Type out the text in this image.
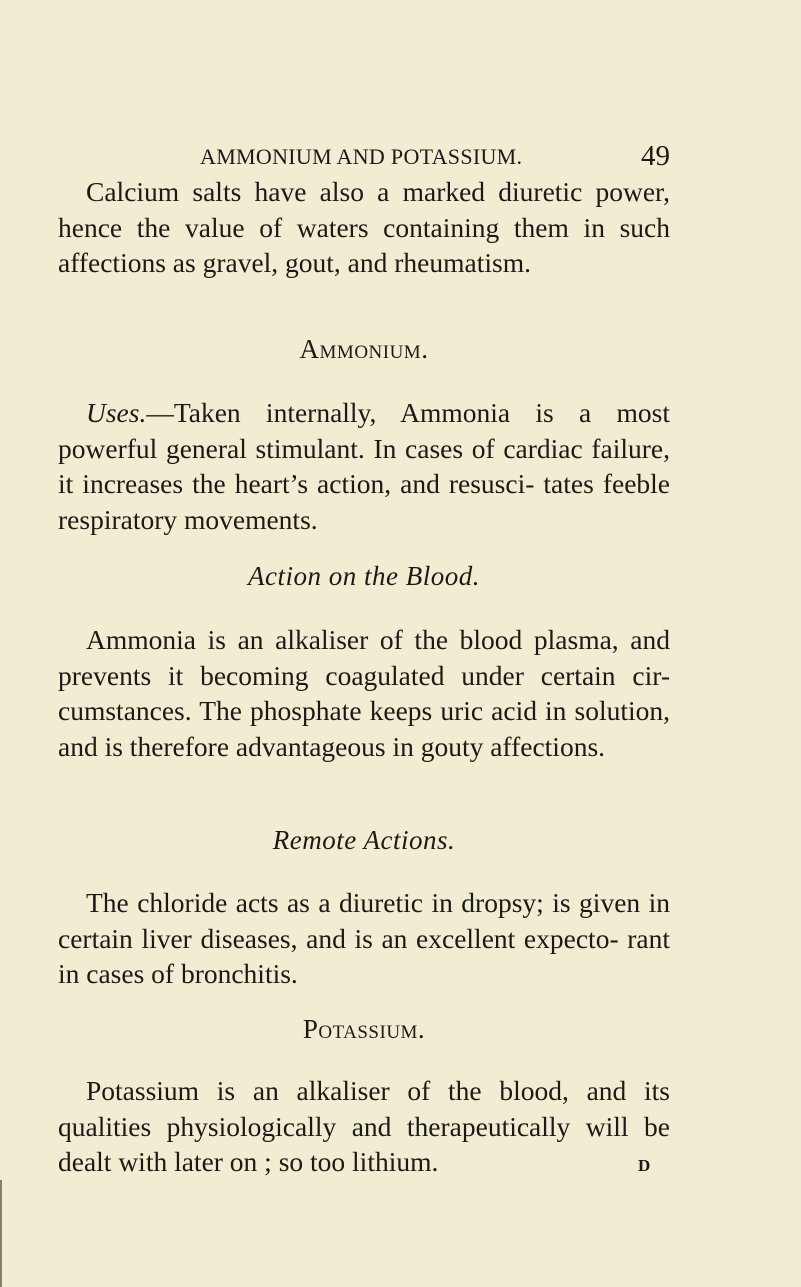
AMMONIUM AND POTASSIUM.	49

Calcium salts have also a marked diuretic power, hence the value of waters containing them in such affections as gravel, gout, and rheumatism.

Ammonium.

Uses.—Taken internally, Ammonia is a most powerful general stimulant. In cases of cardiac failure, it increases the heart’s action, and resusci- tates feeble respiratory movements.

Action on the Blood.

Ammonia is an alkaliser of the blood plasma, and prevents it becoming coagulated under certain cir- cumstances. The phosphate keeps uric acid in solution, and is therefore advantageous in gouty affections.

Remote Actions.

The chloride acts as a diuretic in dropsy; is given in certain liver diseases, and is an excellent expecto- rant in cases of bronchitis.

Potassium.

Potassium is an alkaliser of the blood, and its qualities physiologically and therapeutically will be dealt with later on ; so too lithium.	D
